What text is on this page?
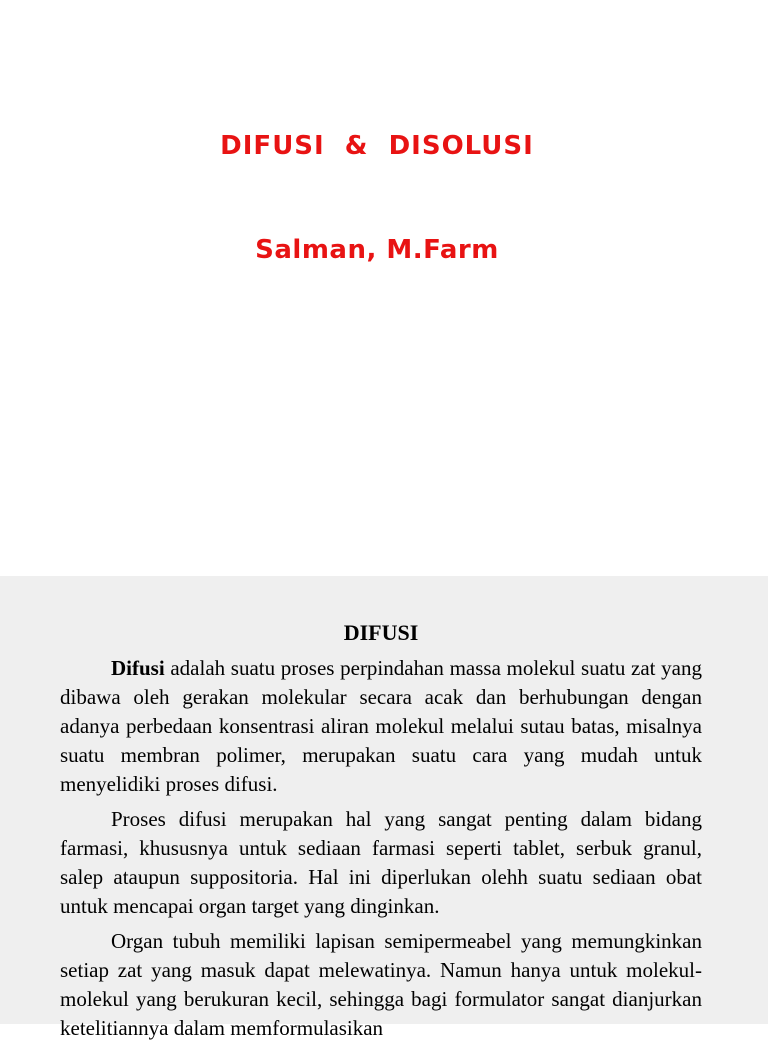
DIFUSI  &  DISOLUSI
Salman, M.Farm
DIFUSI

Difusi adalah suatu proses perpindahan massa molekul suatu zat yang dibawa oleh gerakan molekular secara acak dan berhubungan dengan adanya perbedaan konsentrasi aliran molekul melalui sutau batas, misalnya suatu membran polimer, merupakan suatu cara yang mudah untuk menyelidiki proses difusi.

Proses difusi merupakan hal yang sangat penting dalam bidang farmasi, khususnya untuk sediaan farmasi seperti tablet, serbuk granul, salep ataupun suppositoria. Hal ini diperlukan olehh suatu sediaan obat untuk mencapai organ target yang dinginkan.

Organ tubuh memiliki lapisan semipermeabel yang memungkinkan setiap zat yang masuk dapat melewatinya. Namun hanya untuk molekul-molekul yang berukuran kecil, sehingga bagi formulator sangat dianjurkan ketelitiannya dalam memformulasikan
